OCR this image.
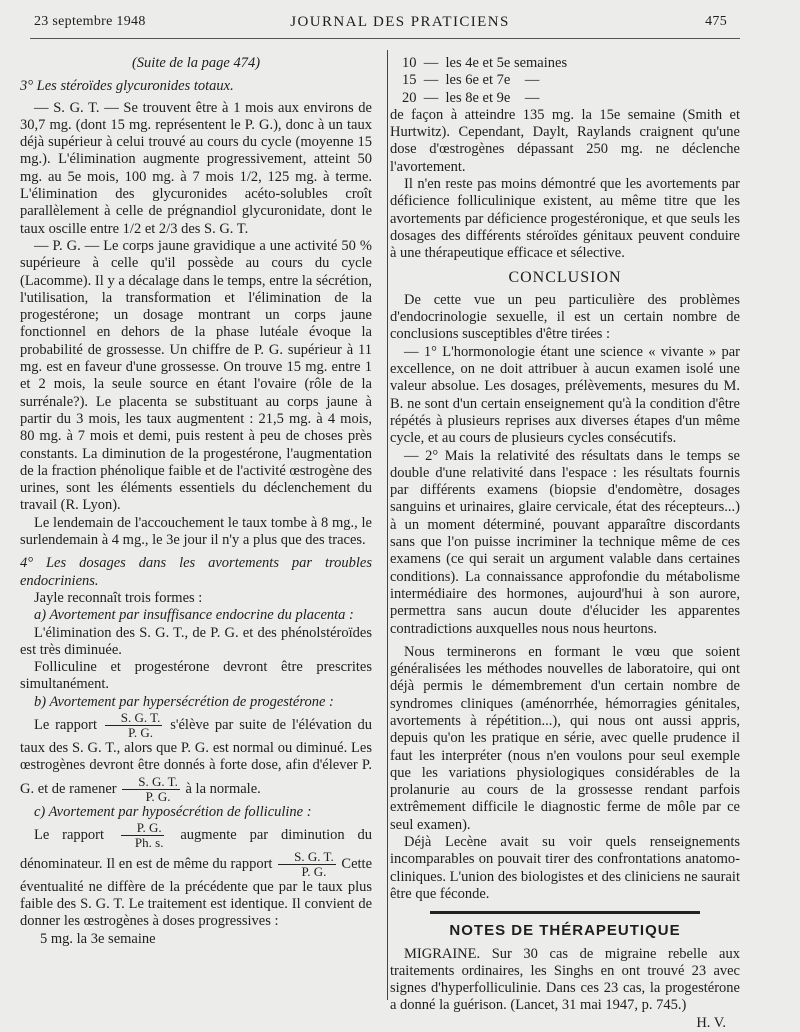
23 septembre 1948	JOURNAL DES PRATICIENS	475

(Suite de la page 474)

3° Les stéroïdes glycuronides totaux.

— S. G. T. — Se trouvent être à 1 mois aux environs de 30,7 mg. (dont 15 mg. représentent le P. G.), donc à un taux déjà supérieur à celui trouvé au cours du cycle (moyenne 15 mg.). L'élimination augmente progressivement, atteint 50 mg. au 5e mois, 100 mg. à 7 mois 1/2, 125 mg. à terme. L'élimination des glycuronides acéto-solubles croît parallèlement à celle de prégnandiol glycuronidate, dont le taux oscille entre 1/2 et 2/3 des S. G. T.

— P. G. — Le corps jaune gravidique a une activité 50 % supérieure à celle qu'il possède au cours du cycle (Lacomme). Il y a décalage dans le temps, entre la sécrétion, l'utilisation, la transformation et l'élimination de la progestérone; un dosage montrant un corps jaune fonctionnel en dehors de la phase lutéale évoque la probabilité de grossesse. Un chiffre de P. G. supérieur à 11 mg. est en faveur d'une grossesse. On trouve 15 mg. entre 1 et 2 mois, la seule source en étant l'ovaire (rôle de la surrénale?). Le placenta se substituant au corps jaune à partir du 3 mois, les taux augmentent : 21,5 mg. à 4 mois, 80 mg. à 7 mois et demi, puis restent à peu de choses près constants. La diminution de la progestérone, l'augmentation de la fraction phénolique faible et de l'activité œstrogène des urines, sont les éléments essentiels du déclenchement du travail (R. Lyon).

Le lendemain de l'accouchement le taux tombe à 8 mg., le surlendemain à 4 mg., le 3e jour il n'y a plus que des traces.

4° Les dosages dans les avortements par troubles endocriniens.

Jayle reconnaît trois formes :

a) Avortement par insuffisance endocrine du placenta :

L'élimination des S. G. T., de P. G. et des phénolstéroïdes est très diminuée.

Folliculine et progestérone devront être prescrites simultanément.

b) Avortement par hypersécrétion de progestérone :

Le rapport $\frac{S. G. T.}{P. G.}$ s'élève par suite de l'élévation du taux des S. G. T., alors que P. G. est normal ou diminué. Les œstrogènes devront être donnés à forte dose, afin d'élever P. G. et de ramener $\frac{S. G. T.}{P. G.}$ à la normale.

c) Avortement par hyposécrétion de folliculine :

Le rapport $\frac{P. G.}{Ph. s.}$ augmente par diminution du dénominateur. Il en est de même du rapport $\frac{S. G. T.}{P. G.}$ Cette éventualité ne diffère de la précédente que par le taux plus faible des S. G. T. Le traitement est identique. Il convient de donner les œstrogènes à doses progressives :

5 mg. la 3e semaine

10  —  les 4e et 5e semaines

15  —  les 6e et 7e    —

20  —  les 8e et 9e    —

de façon à atteindre 135 mg. la 15e semaine (Smith et Hurtwitz). Cependant, Daylt, Raylands craignent qu'une dose d'œstrogènes dépassant 250 mg. ne déclenche l'avortement.

Il n'en reste pas moins démontré que les avortements par déficience folliculinique existent, au même titre que les avortements par déficience progestéronique, et que seuls les dosages des différents stéroïdes génitaux peuvent conduire à une thérapeutique efficace et sélective.

CONCLUSION

De cette vue un peu particulière des problèmes d'endocrinologie sexuelle, il est un certain nombre de conclusions susceptibles d'être tirées :

— 1° L'hormonologie étant une science « vivante » par excellence, on ne doit attribuer à aucun examen isolé une valeur absolue. Les dosages, prélèvements, mesures du M. B. ne sont d'un certain enseignement qu'à la condition d'être répétés à plusieurs reprises aux diverses étapes d'un même cycle, et au cours de plusieurs cycles consécutifs.

— 2° Mais la relativité des résultats dans le temps se double d'une relativité dans l'espace : les résultats fournis par différents examens (biopsie d'endomètre, dosages sanguins et urinaires, glaire cervicale, état des récepteurs...) à un moment déterminé, pouvant apparaître discordants sans que l'on puisse incriminer la technique même de ces examens (ce qui serait un argument valable dans certaines conditions). La connaissance approfondie du métabolisme intermédiaire des hormones, aujourd'hui à son aurore, permettra sans aucun doute d'élucider les apparentes contradictions auxquelles nous nous heurtons.

Nous terminerons en formant le vœu que soient généralisées les méthodes nouvelles de laboratoire, qui ont déjà permis le démembrement d'un certain nombre de syndromes cliniques (aménorrhée, hémorragies génitales, avortements à répétition...), qui nous ont aussi appris, depuis qu'on les pratique en série, avec quelle prudence il faut les interpréter (nous n'en voulons pour seul exemple que les variations physiologiques considérables de la prolanurie au cours de la grossesse rendant parfois extrêmement difficile le diagnostic ferme de môle par ce seul examen).

Déjà Lecène avait su voir quels renseignements incomparables on pouvait tirer des confrontations anatomo-cliniques. L'union des biologistes et des cliniciens ne saurait être que féconde.

NOTES DE THÉRAPEUTIQUE

MIGRAINE. Sur 30 cas de migraine rebelle aux traitements ordinaires, les Singhs en ont trouvé 23 avec signes d'hyperfolliculinie. Dans ces 23 cas, la progestérone a donné la guérison. (Lancet, 31 mai 1947, p. 745.)

H. V.
